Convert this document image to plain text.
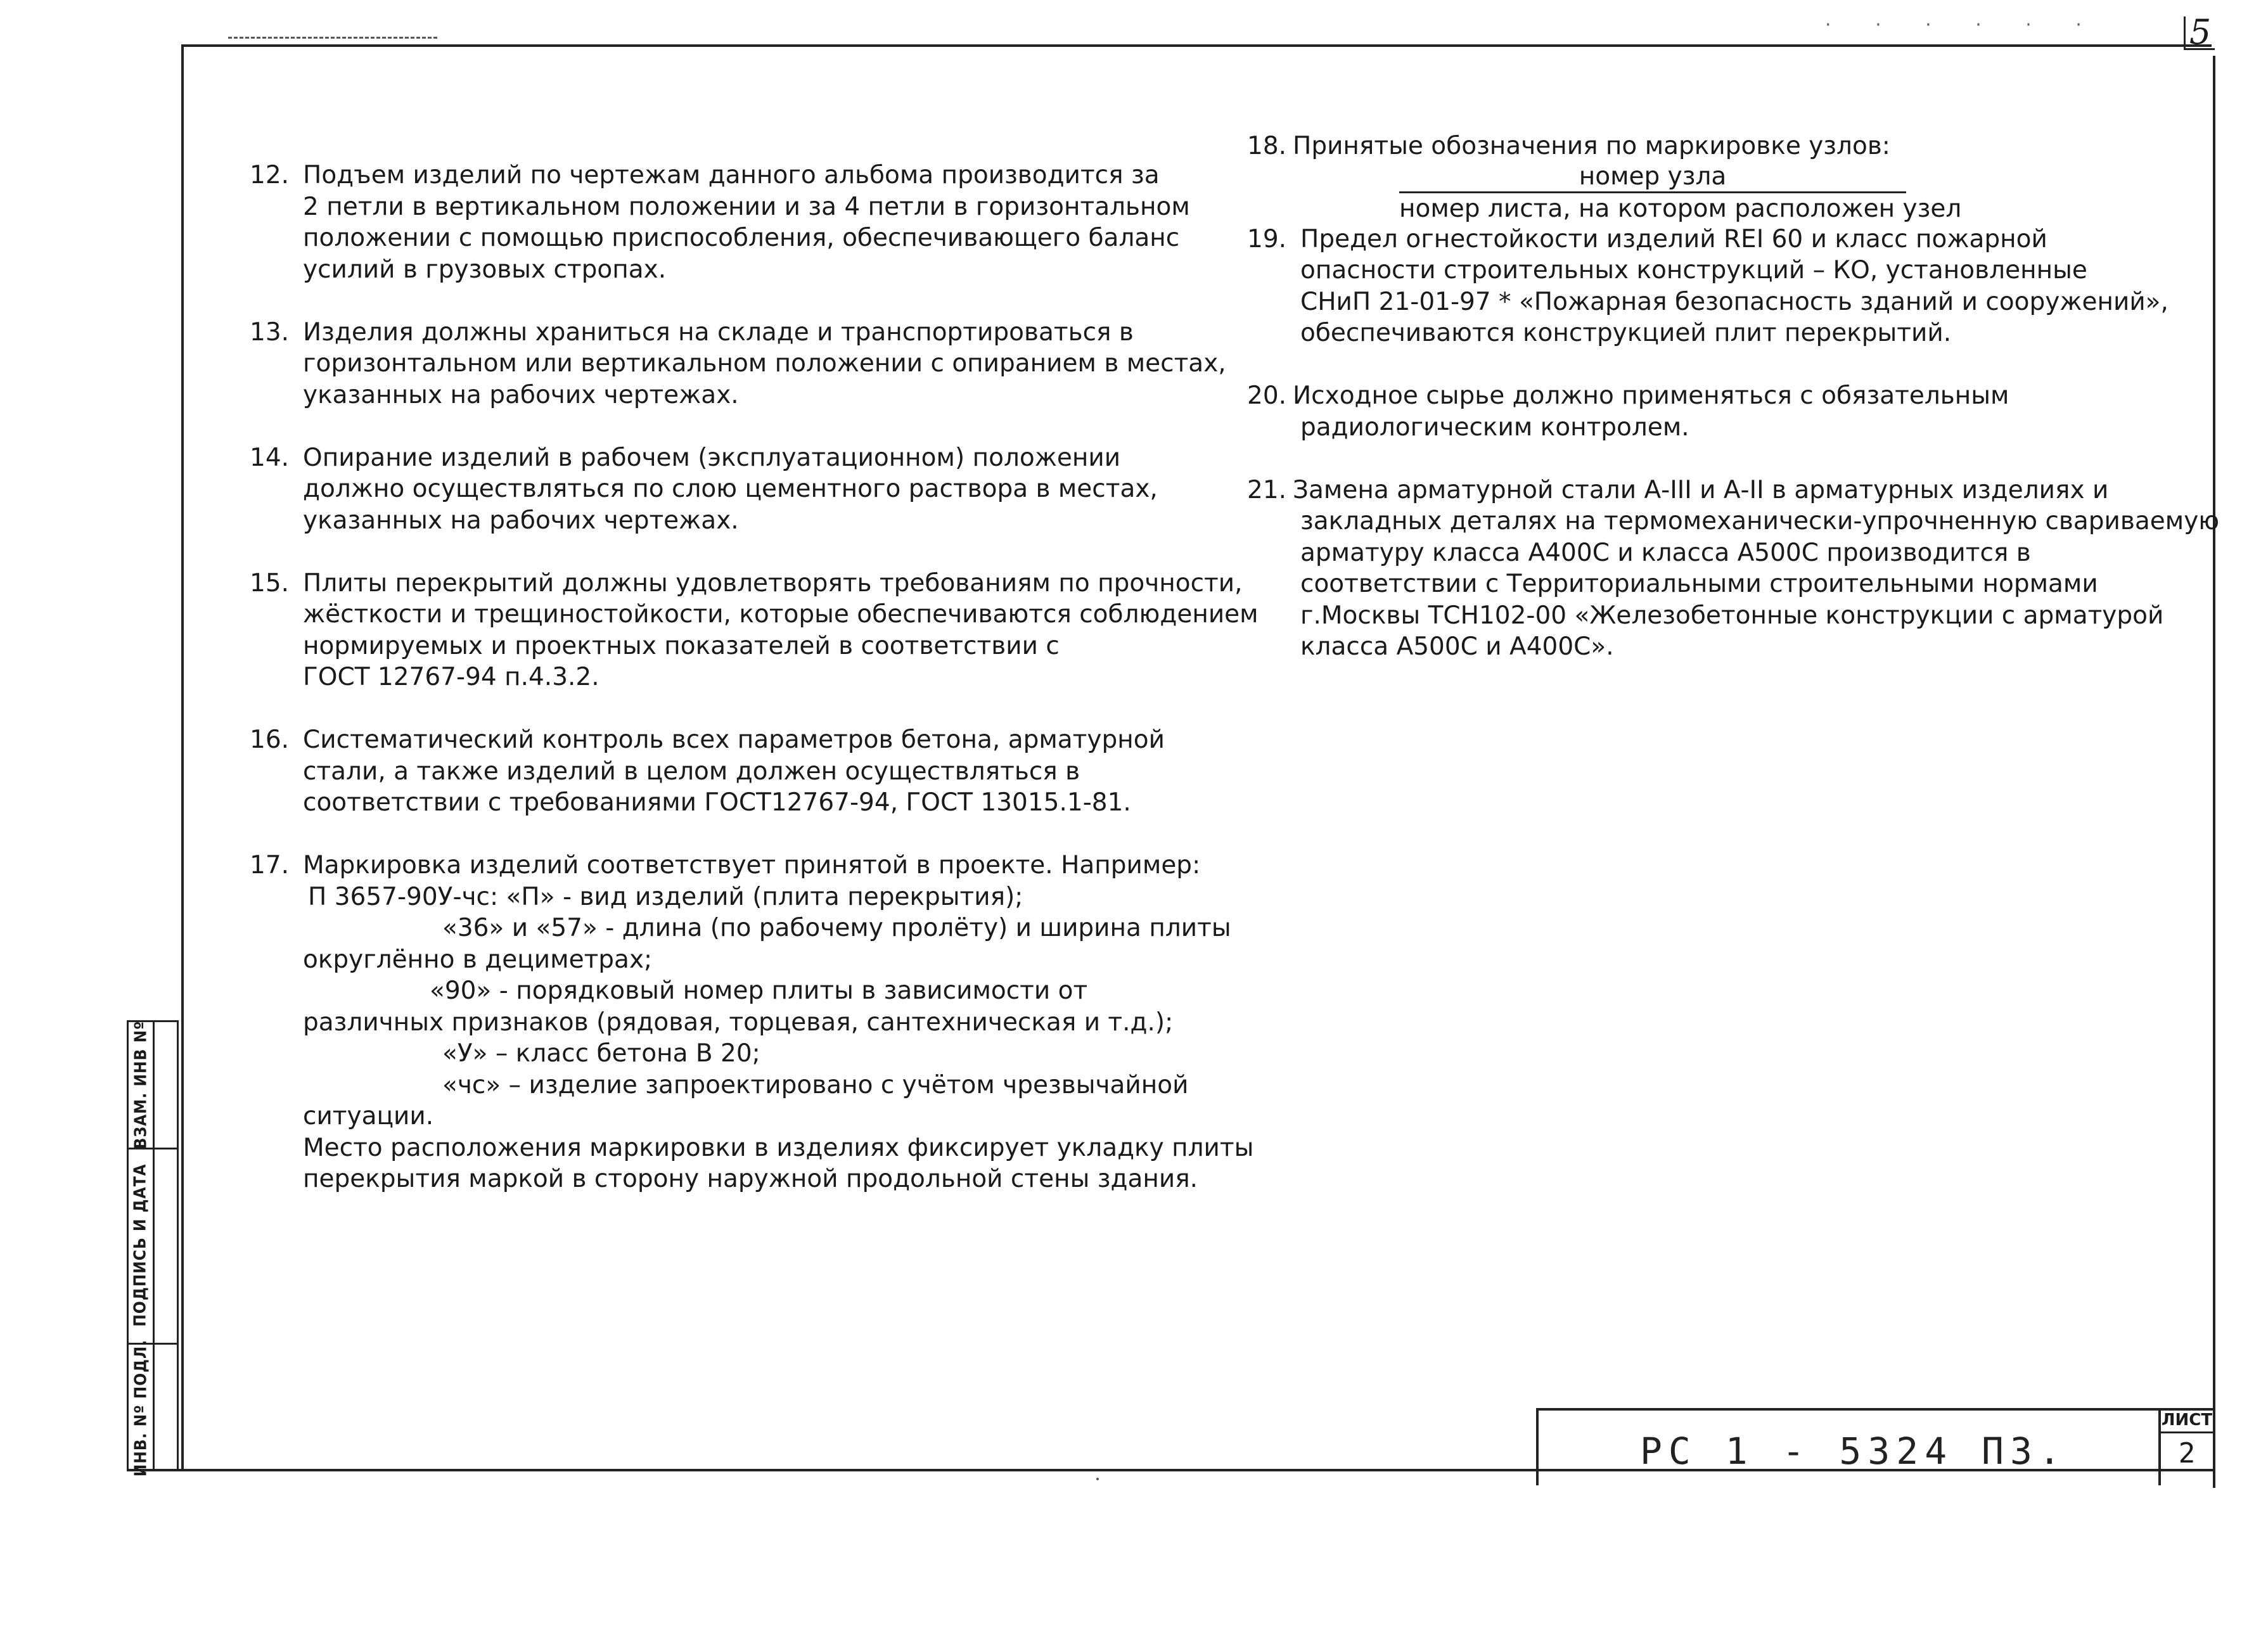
· · · · · ·	5
12. Подъем изделий по чертежам данного альбома производится за
2 петли в вертикальном положении и за 4 петли в горизонтальном
положении с помощью приспособления, обеспечивающего баланс
усилий в грузовых стропах.
13. Изделия должны храниться на складе и транспортироваться в
горизонтальном или вертикальном положении с опиранием в местах,
указанных на рабочих чертежах.
14. Опирание изделий в рабочем (эксплуатационном) положении
должно осуществляться по слою цементного раствора в местах,
указанных на рабочих чертежах.
15. Плиты перекрытий должны удовлетворять требованиям по прочности,
жёсткости и трещиностойкости, которые обеспечиваются соблюдением
нормируемых и проектных показателей в соответствии с
ГОСТ 12767-94 п.4.3.2.
16. Систематический контроль всех параметров бетона, арматурной
стали, а также изделий в целом должен осуществляться в
соответствии с требованиями ГОСТ12767-94, ГОСТ 13015.1-81.
17. Маркировка изделий соответствует принятой в проекте. Например:
П 3657-90У-чс: «П» - вид изделий (плита перекрытия);
«36» и «57» - длина (по рабочему пролёту) и ширина плиты
округлённо в дециметрах;
«90» - порядковый номер плиты в зависимости от
различных признаков (рядовая, торцевая, сантехническая и т.д.);
«У» – класс бетона В 20;
«чс» – изделие запроектировано с учётом чрезвычайной
ситуации.
Место расположения маркировки в изделиях фиксирует укладку плиты
перекрытия маркой в сторону наружной продольной стены здания.
18. Принятые обозначения по маркировке узлов:
номер узла
номер листа, на котором расположен узел
19. Предел огнестойкости изделий REI 60 и класс пожарной
опасности строительных конструкций – КО, установленные
СНиП 21-01-97 * «Пожарная безопасность зданий и сооружений»,
обеспечиваются конструкцией плит перекрытий.
20. Исходное сырье должно применяться с обязательным
радиологическим контролем.
21. Замена арматурной стали А-III и А-II в арматурных изделиях и
закладных деталях на термомеханически-упрочненную свариваемую
арматуру класса А400С и класса А500С производится в
соответствии с Территориальными строительными нормами
г.Москвы ТСН102-00 «Железобетонные конструкции с арматурой
класса А500С и А400С».
ВЗАМ. ИНВ Nº
ПОДПИСЬ И ДАТА
ИНВ. Nº ПОДЛ.	РС 1 - 5324 ПЗ.
ЛИСТ
2
